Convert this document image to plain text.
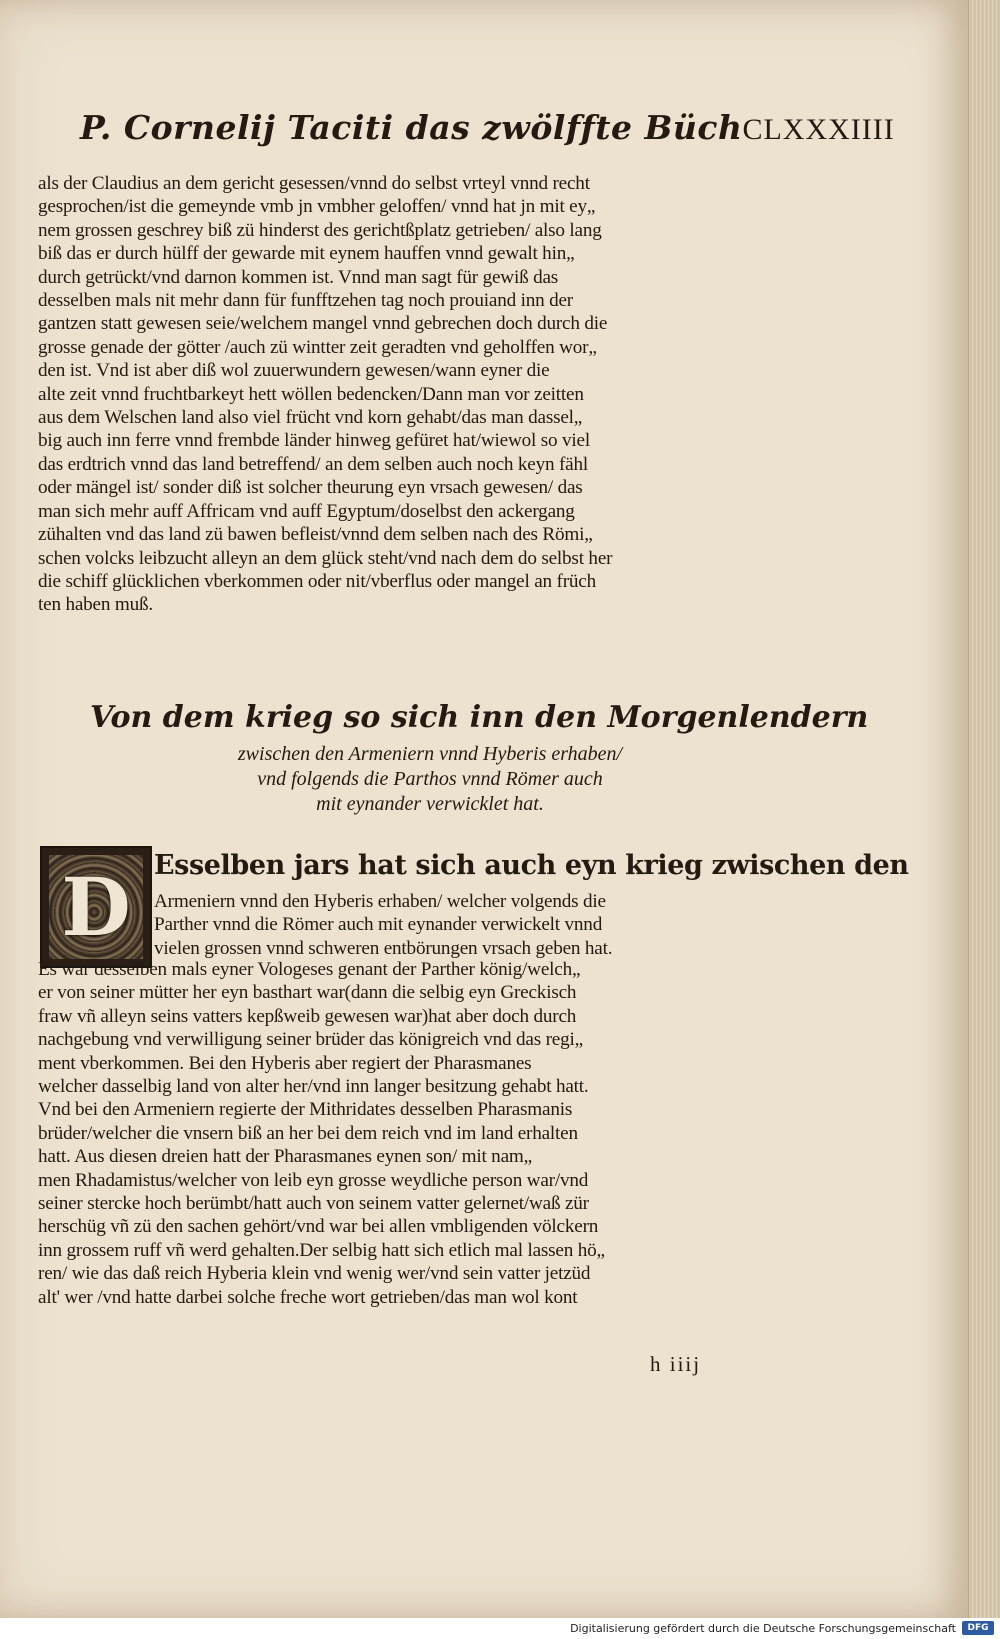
P. Cornelij Taciti das zwölffte Büch CLXXXIIII
als der Claudius an dem gericht gesessen/vnnd do selbst vrteyl vnnd recht
gesprochen/ist die gemeynde vmb jn vmbher geloffen/ vnnd hat jn mit ey„
nem grossen geschrey biß zü hinderst des gerichtßplatz getrieben/ also lang
biß das er durch hülff der gewarde mit eynem hauffen vnnd gewalt hin„
durch getrückt/vnd darnon kommen ist. Vnnd man sagt für gewiß das
desselben mals nit mehr dann für funfftzehen tag noch prouiand inn der
gantzen statt gewesen seie/welchem mangel vnnd gebrechen doch durch die
grosse genade der götter /auch zü wintter zeit geradten vnd geholffen wor„
den ist. Vnd ist aber diß wol zuuerwundern gewesen/wann eyner die
alte zeit vnnd fruchtbarkeyt hett wöllen bedencken/Dann man vor zeitten
aus dem Welschen land also viel frücht vnd korn gehabt/das man dassel„
big auch inn ferre vnnd frembde länder hinweg gefüret hat/wiewol so viel
das erdtrich vnnd das land betreffend/ an dem selben auch noch keyn fähl
oder mängel ist/ sonder diß ist solcher theurung eyn vrsach gewesen/ das
man sich mehr auff Affricam vnd auff Egyptum/doselbst den ackergang
zühalten vnd das land zü bawen befleist/vnnd dem selben nach des Römi„
schen volcks leibzucht alleyn an dem glück steht/vnd nach dem do selbst her
die schiff glücklichen vberkommen oder nit/vberflus oder mangel an früch
ten haben muß.
Von dem krieg so sich inn den Morgenlendern
zwischen den Armeniern vnnd Hyberis erhaben/
vnd folgends die Parthos vnnd Römer auch
mit eynander verwicklet hat.
D Esselben jars hat sich auch eyn krieg zwischen den
Armeniern vnnd den Hyberis erhaben/ welcher volgends die
Parther vnnd die Römer auch mit eynander verwickelt vnnd
vielen grossen vnnd schweren entbörungen vrsach geben hat.
Es war desselben mals eyner Vologeses genant der Parther könig/welch„
er von seiner mütter her eyn basthart war(dann die selbig eyn Greckisch
fraw vñ alleyn seins vatters kepßweib gewesen war)hat aber doch durch
nachgebung vnd verwilligung seiner brüder das königreich vnd das regi„
ment vberkommen. Bei den Hyberis aber regiert der Pharasmanes
welcher dasselbig land von alter her/vnd inn langer besitzung gehabt hatt.
Vnd bei den Armeniern regierte der Mithridates desselben Pharasmanis
brüder/welcher die vnsern biß an her bei dem reich vnd im land erhalten
hatt. Aus diesen dreien hatt der Pharasmanes eynen son/ mit nam„
men Rhadamistus/welcher von leib eyn grosse weydliche person war/vnd
seiner stercke hoch berümbt/hatt auch von seinem vatter gelernet/waß zür
herschüg vñ zü den sachen gehört/vnd war bei allen vmbligenden völckern
inn grossem ruff vñ werd gehalten.Der selbig hatt sich etlich mal lassen hö„
ren/ wie das daß reich Hyberia klein vnd wenig wer/vnd sein vatter jetzüd
alt' wer /vnd hatte darbei solche freche wort getrieben/das man wol kont
h iiij
Digitalisierung gefördert durch die Deutsche Forschungsgemeinschaft	DFG
